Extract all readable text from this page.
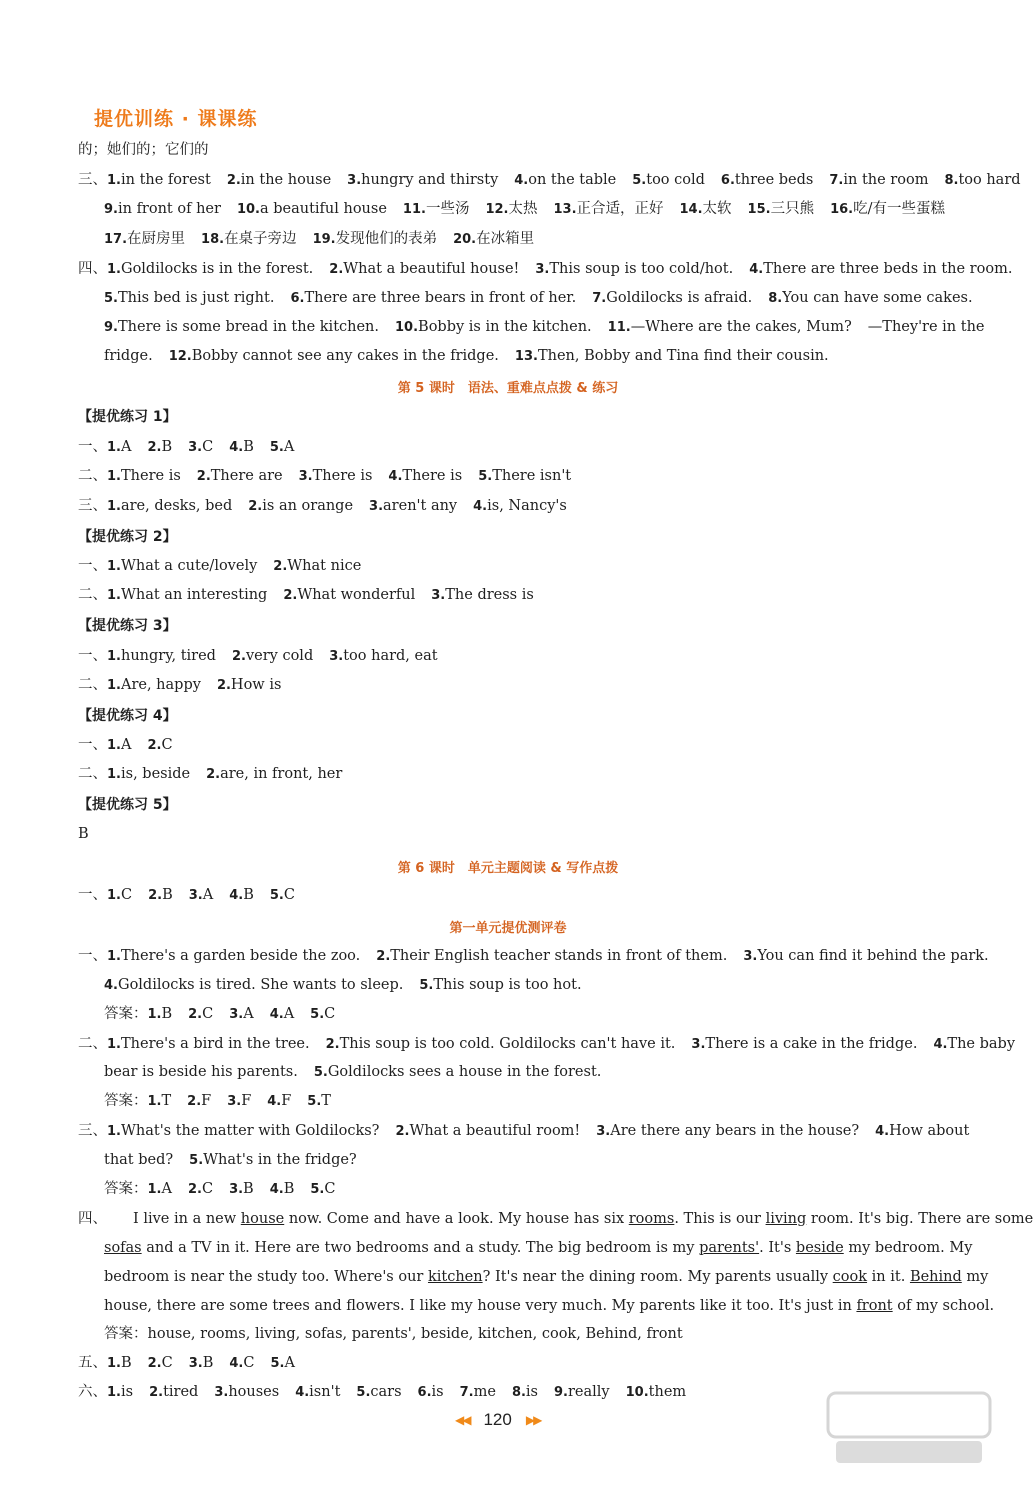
提优训练 · 课课练
的；她们的；它们的
三、1.in the forest 2.in the house 3.hungry and thirsty 4.on the table 5.too cold 6.three beds 7.in the room 8.too hard
9.in front of her 10.a beautiful house 11.一些汤 12.太热 13.正合适，正好 14.太软 15.三只熊 16.吃/有一些蛋糕
17.在厨房里 18.在桌子旁边 19.发现他们的表弟 20.在冰箱里
四、1.Goldilocks is in the forest. 2.What a beautiful house! 3.This soup is too cold/hot. 4.There are three beds in the room.
5.This bed is just right. 6.There are three bears in front of her. 7.Goldilocks is afraid. 8.You can have some cakes.
9.There is some bread in the kitchen. 10.Bobby is in the kitchen. 11.—Where are the cakes, Mum? —They're in the
fridge. 12.Bobby cannot see any cakes in the fridge. 13.Then, Bobby and Tina find their cousin.
第 5 课时　语法、重难点点拨 & 练习
【提优练习 1】
一、1.A 2.B 3.C 4.B 5.A
二、1.There is 2.There are 3.There is 4.There is 5.There isn't
三、1.are, desks, bed 2.is an orange 3.aren't any 4.is, Nancy's
【提优练习 2】
一、1.What a cute/lovely 2.What nice
二、1.What an interesting 2.What wonderful 3.The dress is
【提优练习 3】
一、1.hungry, tired 2.very cold 3.too hard, eat
二、1.Are, happy 2.How is
【提优练习 4】
一、1.A 2.C
二、1.is, beside 2.are, in front, her
【提优练习 5】
B
第 6 课时　单元主题阅读 & 写作点拨
一、1.C 2.B 3.A 4.B 5.C
第一单元提优测评卷
一、1.There's a garden beside the zoo. 2.Their English teacher stands in front of them. 3.You can find it behind the park.
4.Goldilocks is tired. She wants to sleep. 5.This soup is too hot.
答案：1.B 2.C 3.A 4.A 5.C
二、1.There's a bird in the tree. 2.This soup is too cold. Goldilocks can't have it. 3.There is a cake in the fridge. 4.The baby
bear is beside his parents. 5.Goldilocks sees a house in the forest.
答案：1.T 2.F 3.F 4.F 5.T
三、1.What's the matter with Goldilocks? 2.What a beautiful room! 3.Are there any bears in the house? 4.How about
that bed? 5.What's in the fridge?
答案：1.A 2.C 3.B 4.B 5.C
四、 I live in a new house now. Come and have a look. My house has six rooms. This is our living room. It's big. There are some
sofas and a TV in it. Here are two bedrooms and a study. The big bedroom is my parents'. It's beside my bedroom. My
bedroom is near the study too. Where's our kitchen? It's near the dining room. My parents usually cook in it. Behind my
house, there are some trees and flowers. I like my house very much. My parents like it too. It's just in front of my school.
答案：house, rooms, living, sofas, parents', beside, kitchen, cook, Behind, front
五、1.B 2.C 3.B 4.C 5.A
六、1.is 2.tired 3.houses 4.isn't 5.cars 6.is 7.me 8.is 9.really 10.them
◀◀ 120 ▶▶
